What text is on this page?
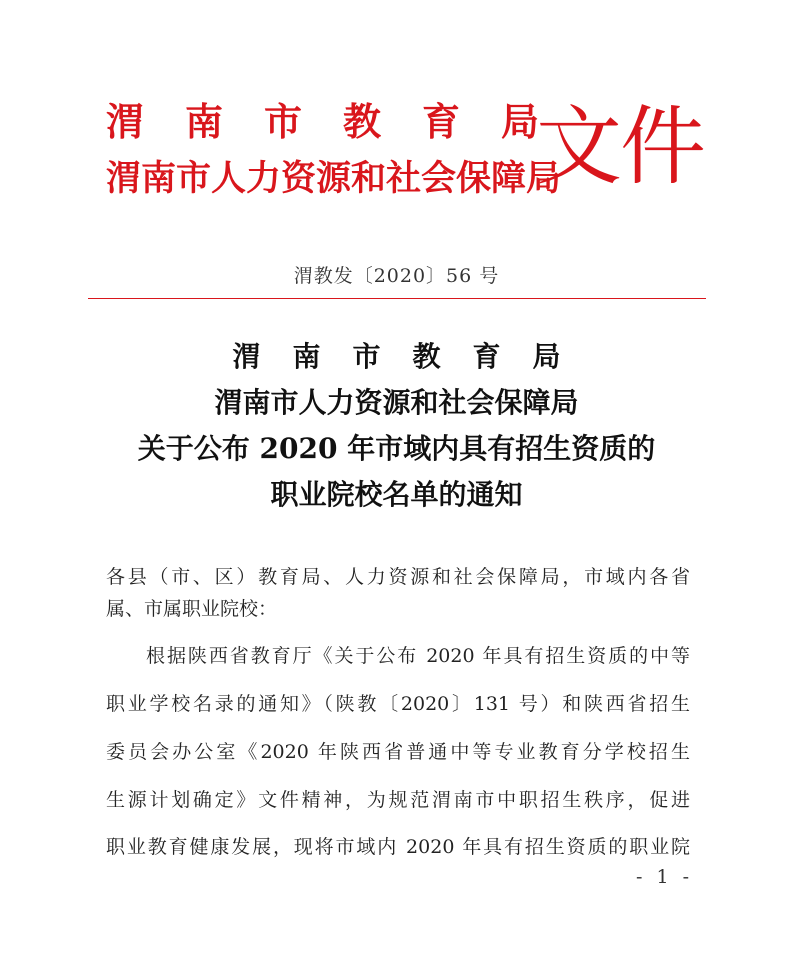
渭南市教育局
渭南市人力资源和社会保障局
文件
渭教发〔2020〕56 号
渭南市教育局
渭南市人力资源和社会保障局
关于公布 2020 年市域内具有招生资质的
职业院校名单的通知
各县（市、区）教育局、人力资源和社会保障局，市域内各省
属、市属职业院校：
根据陕西省教育厅《关于公布 2020 年具有招生资质的中等
职业学校名录的通知》（陕教〔2020〕131 号）和陕西省招生
委员会办公室《2020 年陕西省普通中等专业教育分学校招生
生源计划确定》文件精神，为规范渭南市中职招生秩序，促进
职业教育健康发展，现将市域内 2020 年具有招生资质的职业院
- 1 -
